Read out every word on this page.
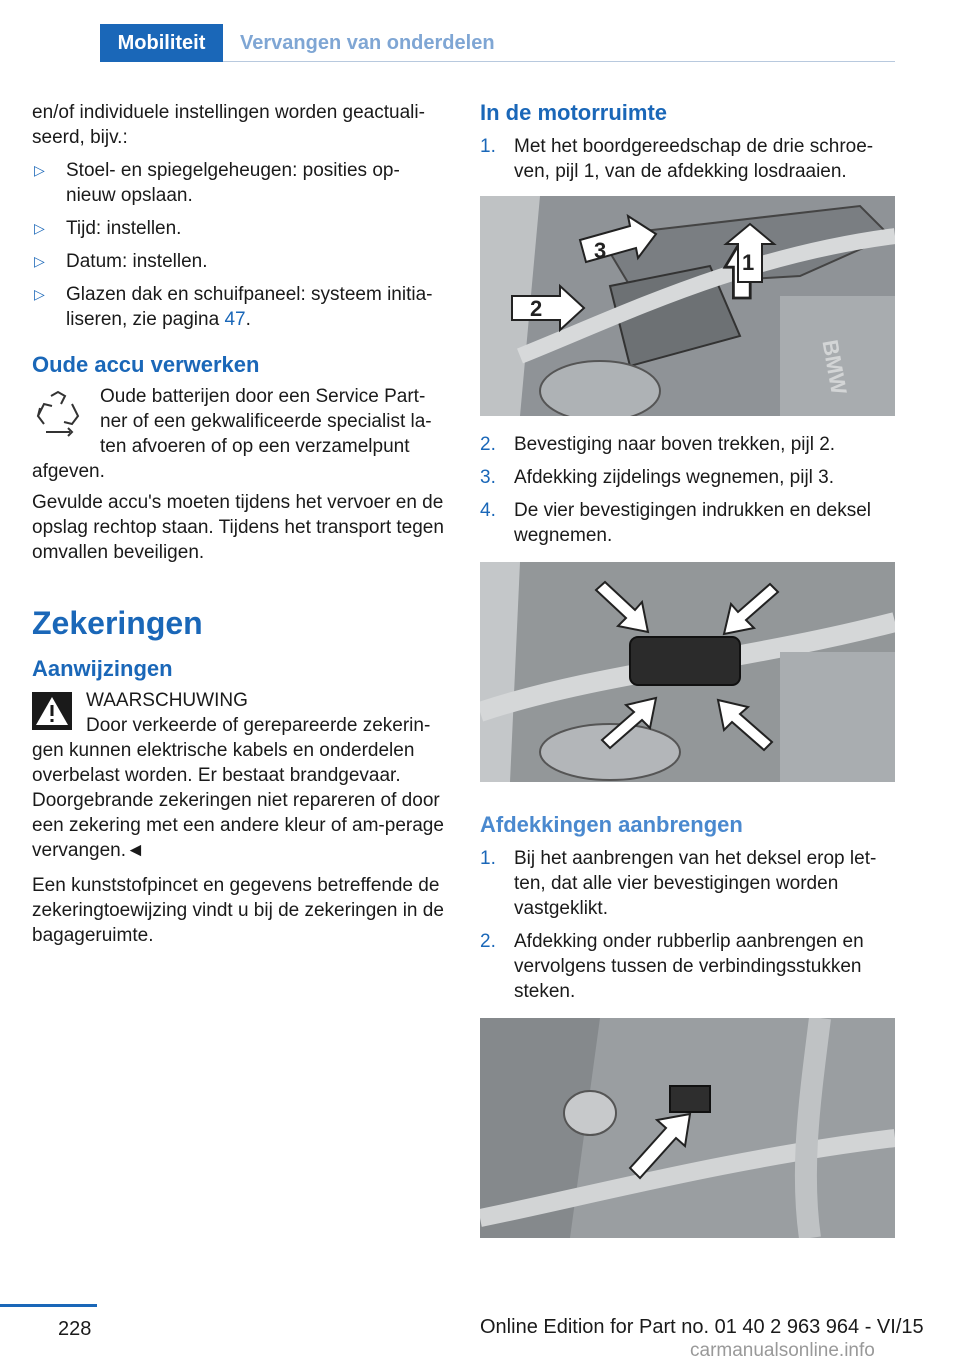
Mobiliteit	Vervangen van onderdelen

en/of individuele instellingen worden geactuali-seerd, bijv.:

▷ Stoel- en spiegelgeheugen: posities op-nieuw opslaan.
▷ Tijd: instellen.
▷ Datum: instellen.
▷ Glazen dak en schuifpaneel: systeem initia-liseren, zie pagina 47.
Oude accu verwerken

Oude batterijen door een Service Part-ner of een gekwalificeerde specialist la-ten afvoeren of op een verzamelpunt afgeven.

Gevulde accu's moeten tijdens het vervoer en de opslag rechtop staan. Tijdens het transport tegen omvallen beveiligen.

Zekeringen
Aanwijzingen

WAARSCHUWING

Door verkeerde of gerepareerde zekerin-gen kunnen elektrische kabels en onderdelen overbelast worden. Er bestaat brandgevaar. Doorgebrande zekeringen niet repareren of door een zekering met een andere kleur of am-perage vervangen.◄

Een kunststofpincet en gegevens betreffende de zekeringtoewijzing vindt u bij de zekeringen in de bagageruimte.

In de motorruimte
1. Met het boordgereedschap de drie schroe-ven, pijl 1, van de afdekking losdraaien.
BMW
1
2
3
2. Bevestiging naar boven trekken, pijl 2.
3. Afdekking zijdelings wegnemen, pijl 3.
4. De vier bevestigingen indrukken en deksel wegnemen.
Afdekkingen aanbrengen
1. Bij het aanbrengen van het deksel erop let-ten, dat alle vier bevestigingen worden vastgeklikt.
2. Afdekking onder rubberlip aanbrengen en vervolgens tussen de verbindingsstukken steken.
228	Online Edition for Part no. 01 40 2 963 964 - VI/15
carmanualsonline.info
